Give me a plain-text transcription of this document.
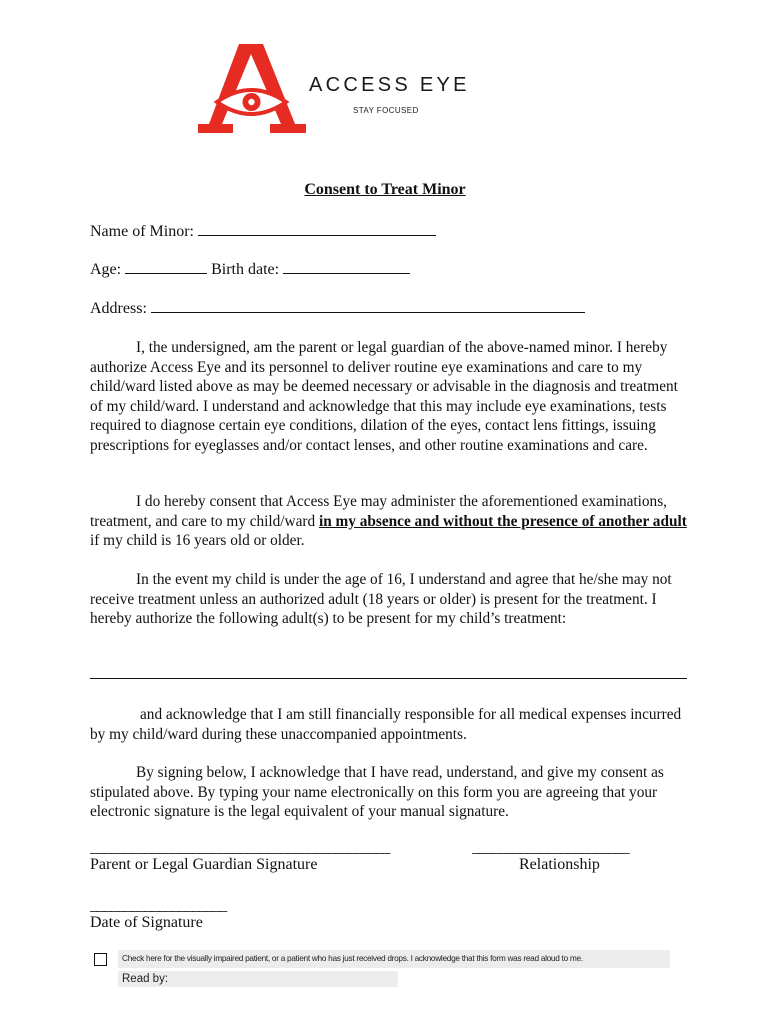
ACCESS EYE
STAY FOCUSED
Consent to Treat Minor
Name of Minor:
Age:	Birth date:
Address:

I, the undersigned, am the parent or legal guardian of the above-named minor. I hereby authorize Access Eye and its personnel to deliver routine eye examinations and care to my child/ward listed above as may be deemed necessary or advisable in the diagnosis and treatment of my child/ward. I understand and acknowledge that this may include eye examinations, tests required to diagnose certain eye conditions, dilation of the eyes, contact lens fittings, issuing prescriptions for eyeglasses and/or contact lenses, and other routine examinations and care.

I do hereby consent that Access Eye may administer the aforementioned examinations, treatment, and care to my child/ward in my absence and without the presence of another adult if my child is 16 years old or older.

In the event my child is under the age of 16, I understand and agree that he/she may not receive treatment unless an authorized adult (18 years or older) is present for the treatment. I hereby authorize the following adult(s) to be present for my child’s treatment:

and acknowledge that I am still financially responsible for all medical expenses incurred by my child/ward during these unaccompanied appointments.

By signing below, I acknowledge that I have read, understand, and give my consent as stipulated above. By typing your name electronically on this form you are agreeing that your electronic signature is the legal equivalent of your manual signature.

____________________________________________	_______________________
Parent or Legal Guardian Signature	Relationship
____________________
Date of Signature
Check here for the visually impaired patient, or a patient who has just received drops. I acknowledge that this form was read aloud to me.
Read by:
